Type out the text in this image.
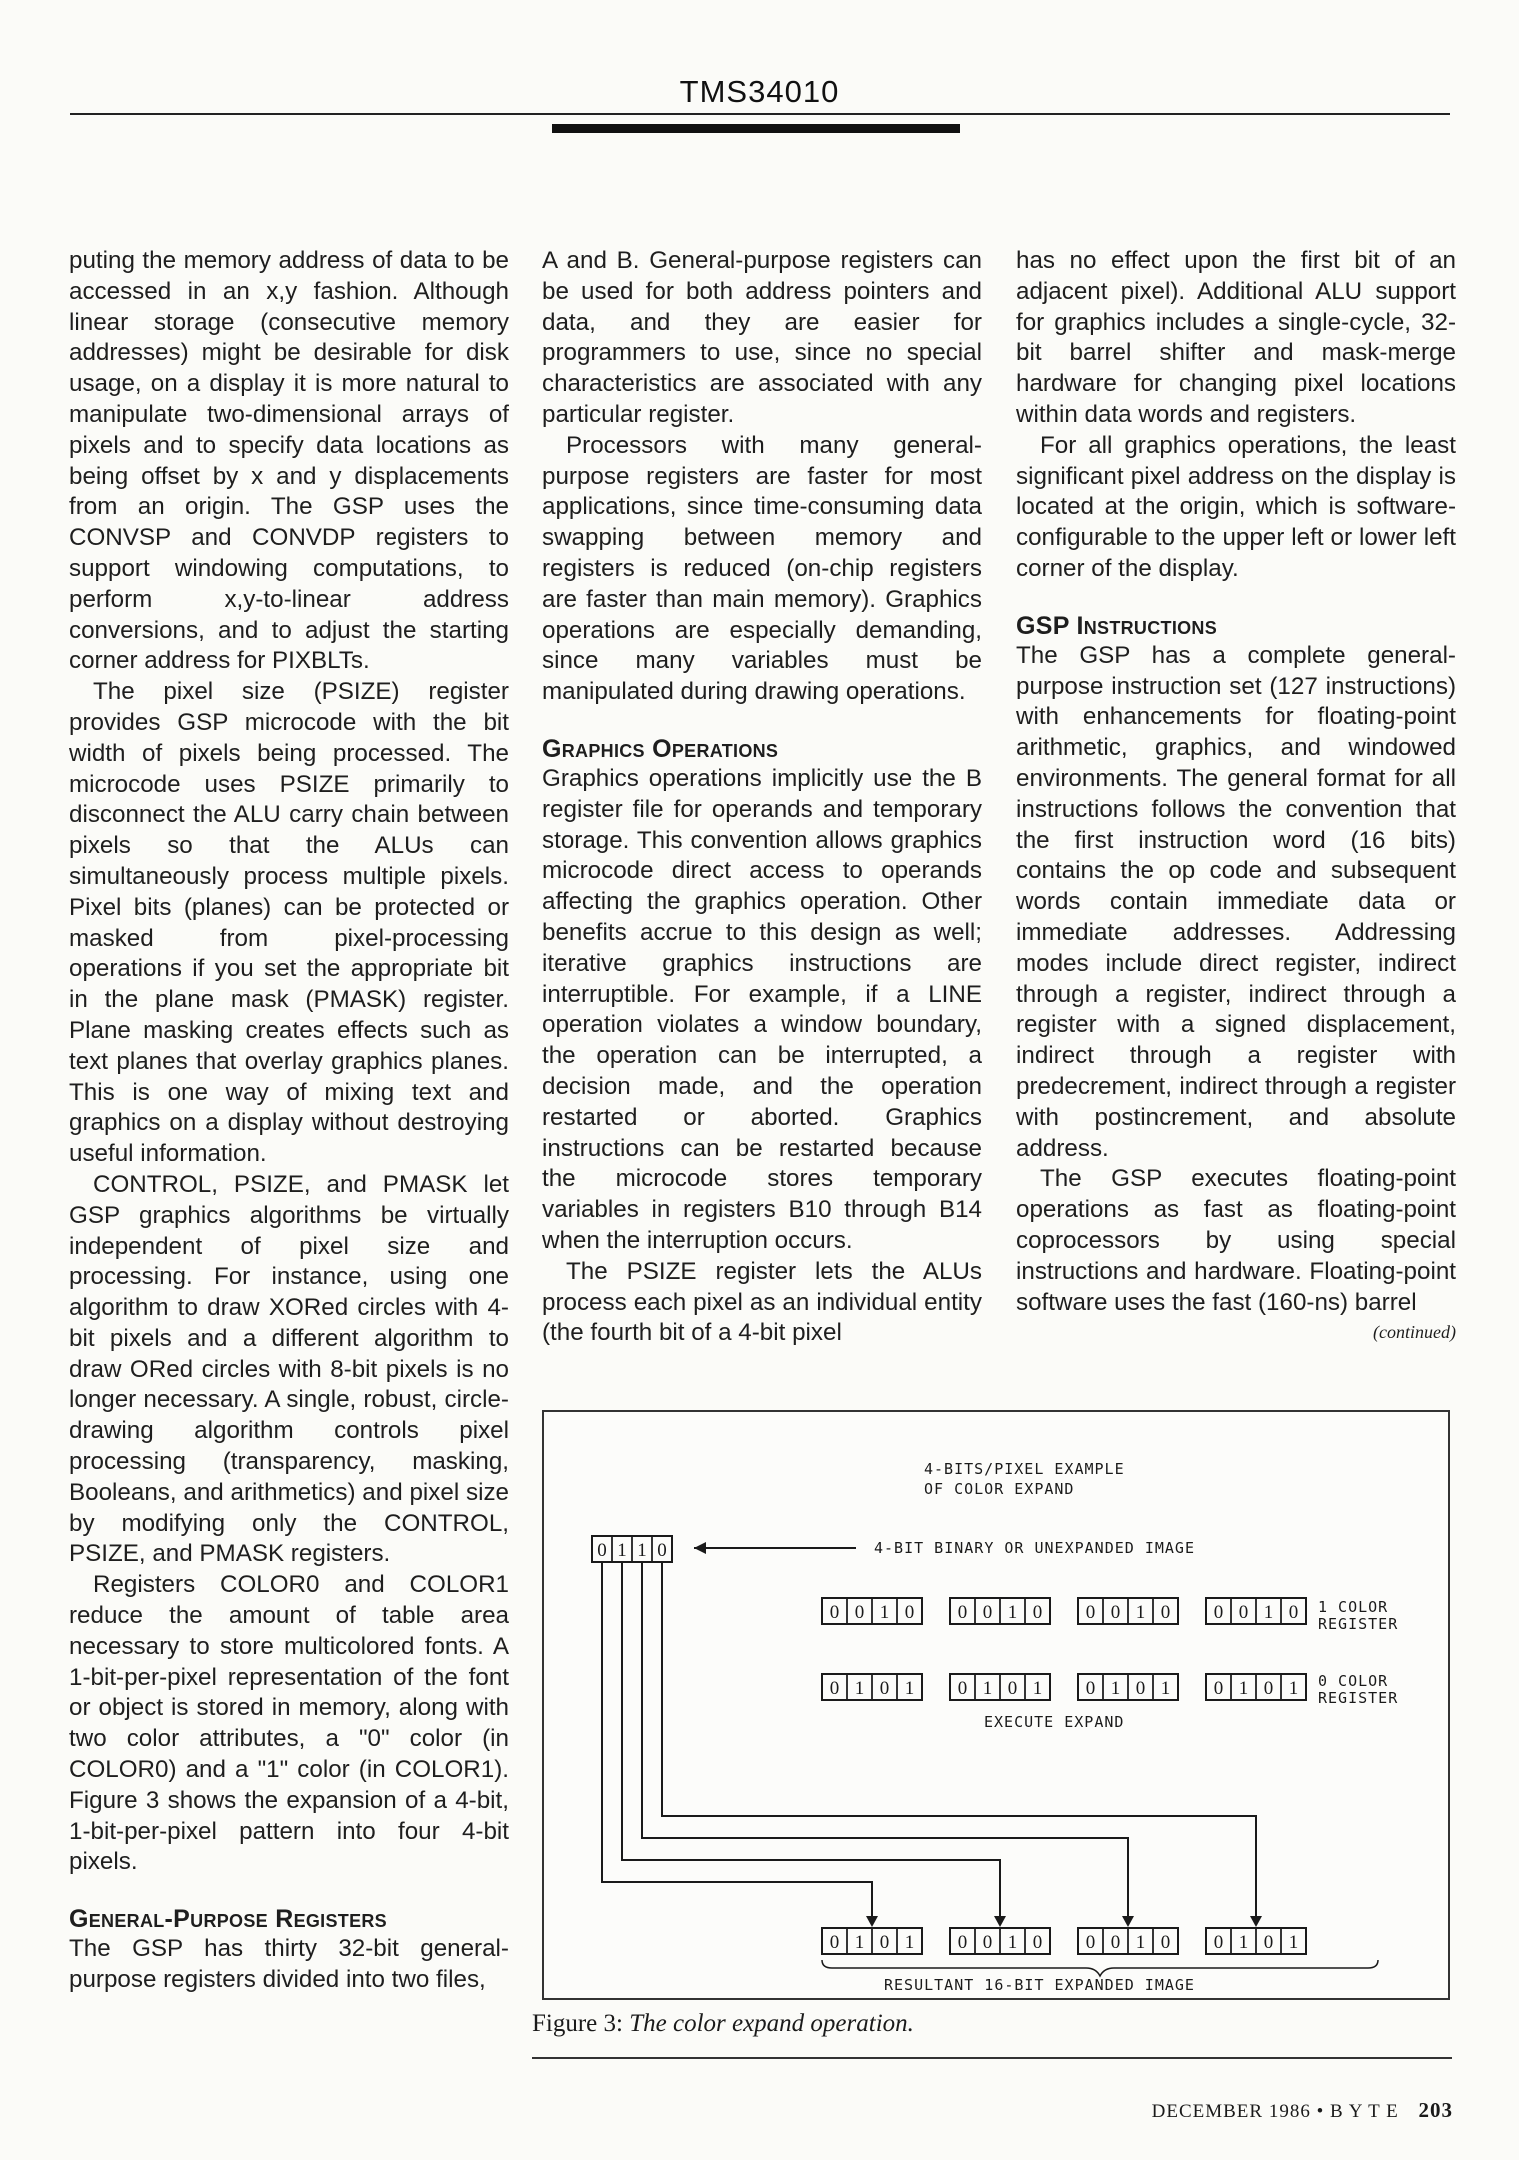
TMS34010

puting the memory address of data to be accessed in an x,y fashion. Although linear storage (consecutive memory addresses) might be desirable for disk usage, on a display it is more natural to manipulate two-dimensional arrays of pixels and to specify data locations as being offset by x and y displacements from an origin. The GSP uses the CONVSP and CONVDP registers to support windowing computations, to perform x,y-to-linear address conversions, and to adjust the starting corner address for PIXBLTs.

The pixel size (PSIZE) register provides GSP microcode with the bit width of pixels being processed. The microcode uses PSIZE primarily to disconnect the ALU carry chain between pixels so that the ALUs can simultaneously process multiple pixels. Pixel bits (planes) can be protected or masked from pixel-processing operations if you set the appropriate bit in the plane mask (PMASK) register. Plane masking creates effects such as text planes that overlay graphics planes. This is one way of mixing text and graphics on a display without destroying useful information.

CONTROL, PSIZE, and PMASK let GSP graphics algorithms be virtually independent of pixel size and processing. For instance, using one algorithm to draw XORed circles with 4-bit pixels and a different algorithm to draw ORed circles with 8-bit pixels is no longer necessary. A single, robust, circle-drawing algorithm controls pixel processing (transparency, masking, Booleans, and arithmetics) and pixel size by modifying only the CONTROL, PSIZE, and PMASK registers.

Registers COLOR0 and COLOR1 reduce the amount of table area necessary to store multicolored fonts. A 1-bit-per-pixel representation of the font or object is stored in memory, along with two color attributes, a "0" color (in COLOR0) and a "1" color (in COLOR1). Figure 3 shows the expansion of a 4-bit, 1-bit-per-pixel pattern into four 4-bit pixels.

General-Purpose Registers

The GSP has thirty 32-bit general-purpose registers divided into two files,

A and B. General-purpose registers can be used for both address pointers and data, and they are easier for programmers to use, since no special characteristics are associated with any particular register.

Processors with many general-purpose registers are faster for most applications, since time-consuming data swapping between memory and registers is reduced (on-chip registers are faster than main memory). Graphics operations are especially demanding, since many variables must be manipulated during drawing operations.

Graphics Operations

Graphics operations implicitly use the B register file for operands and temporary storage. This convention allows graphics microcode direct access to operands affecting the graphics operation. Other benefits accrue to this design as well; iterative graphics instructions are interruptible. For example, if a LINE operation violates a window boundary, the operation can be interrupted, a decision made, and the operation restarted or aborted. Graphics instructions can be restarted because the microcode stores temporary variables in registers B10 through B14 when the interruption occurs.

The PSIZE register lets the ALUs process each pixel as an individual entity (the fourth bit of a 4-bit pixel

has no effect upon the first bit of an adjacent pixel). Additional ALU support for graphics includes a single-cycle, 32-bit barrel shifter and mask-merge hardware for changing pixel locations within data words and registers.

For all graphics operations, the least significant pixel address on the display is located at the origin, which is software-configurable to the upper left or lower left corner of the display.

GSP Instructions

The GSP has a complete general-purpose instruction set (127 instructions) with enhancements for floating-point arithmetic, graphics, and windowed environments. The general format for all instructions follows the convention that the first instruction word (16 bits) contains the op code and subsequent words contain immediate data or immediate addresses. Addressing modes include direct register, indirect through a register, indirect through a register with a signed displacement, indirect through a register with predecrement, indirect through a register with postincrement, and absolute address.

The GSP executes floating-point operations as fast as floating-point coprocessors by using special instructions and hardware. Floating-point software uses the fast (160-ns) barrel

(continued)
4-BITS/PIXEL EXAMPLE
OF COLOR EXPAND
0 1 1 0	4-BIT BINARY OR UNEXPANDED IMAGE
0 0 1 0 0 0 1 0 0 0 1 0 0 0 1 0 1 COLOR
REGISTER
0 1 0 1 0 1 0 1 0 1 0 1 0 1 0 1 0 COLOR
REGISTER
EXECUTE EXPAND
0 1 0 1 0 0 1 0 0 0 1 0 0 1 0 1
RESULTANT 16-BIT EXPANDED IMAGE
Figure 3: The color expand operation.
DECEMBER 1986 • B Y T E 203
